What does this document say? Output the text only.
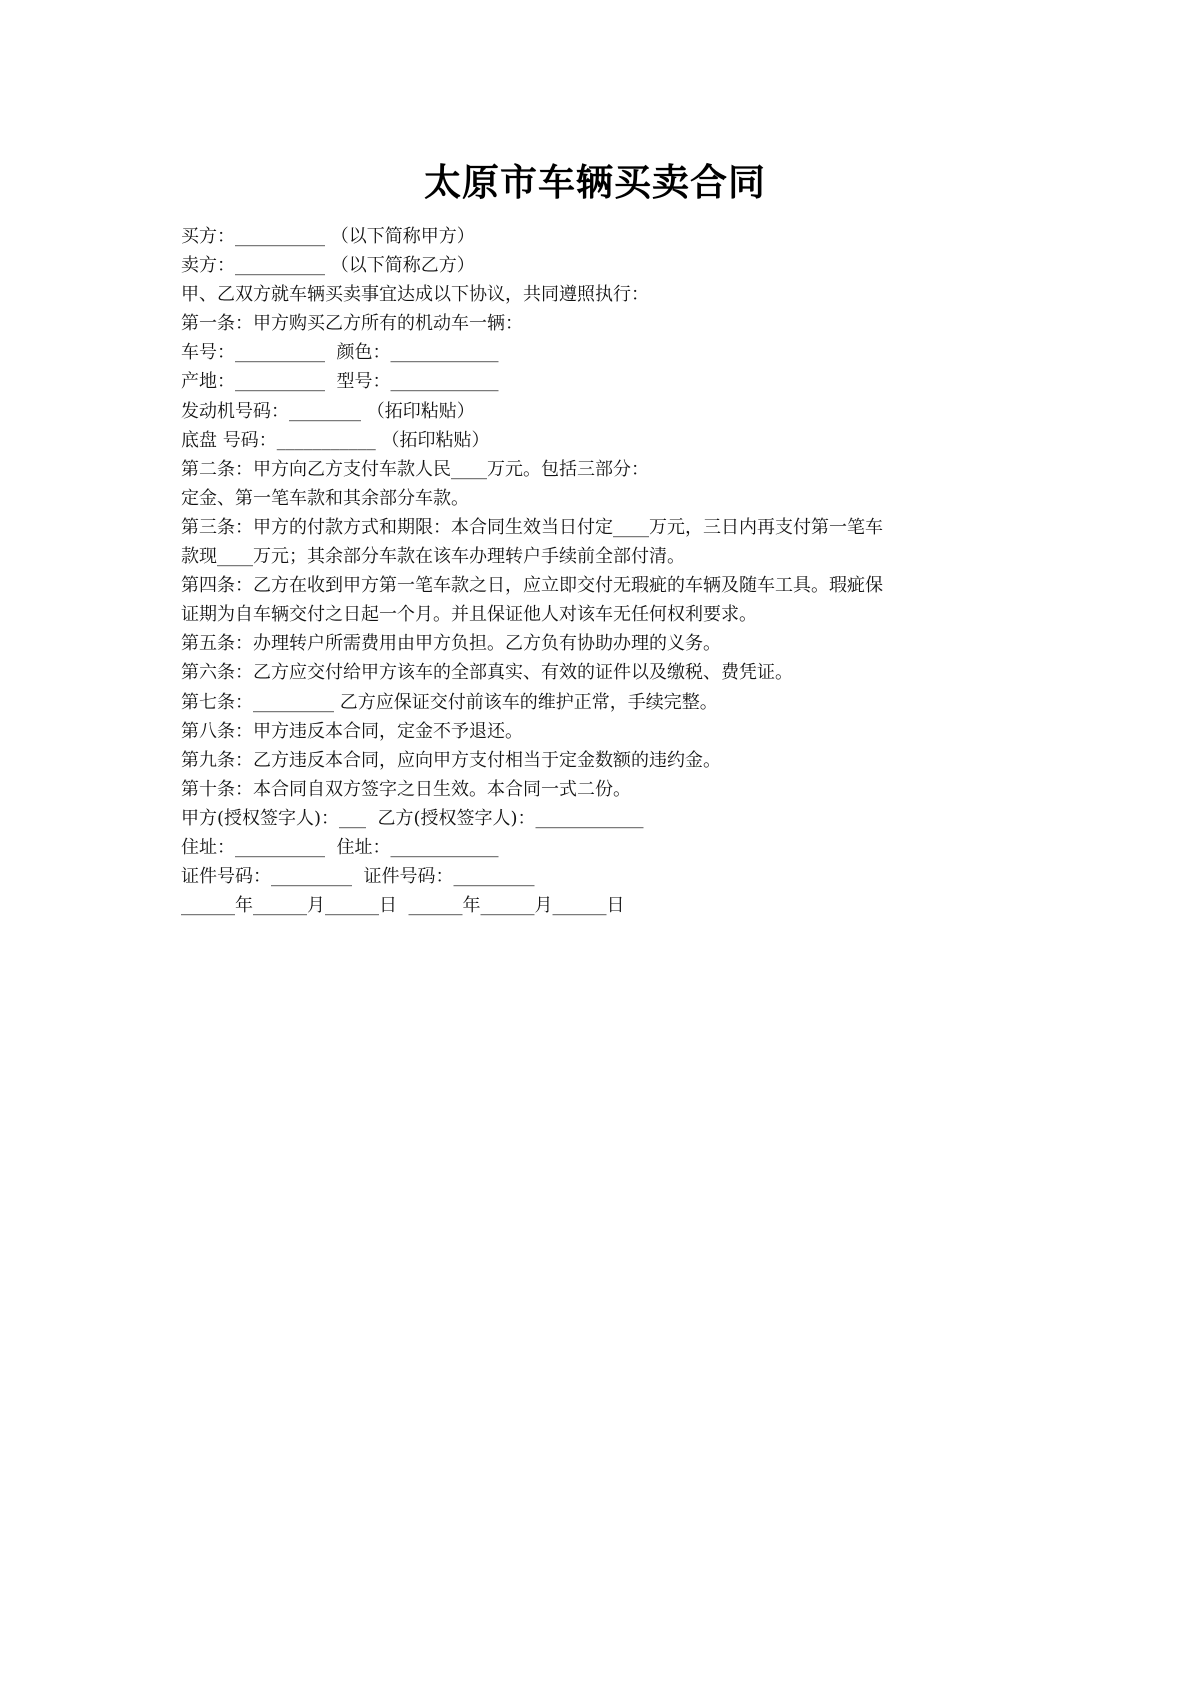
太原市车辆买卖合同
买方：__________ （以下简称甲方）
卖方：__________ （以下简称乙方）
甲、乙双方就车辆买卖事宜达成以下协议，共同遵照执行：
第一条：甲方购买乙方所有的机动车一辆：
车号：__________  颜色：____________
产地：__________  型号：____________
发动机号码：________ （拓印粘贴）
底盘 号码：___________ （拓印粘贴）
第二条：甲方向乙方支付车款人民____万元。包括三部分：
定金、第一笔车款和其余部分车款。
第三条：甲方的付款方式和期限：本合同生效当日付定____万元，三日内再支付第一笔车
款现____万元；其余部分车款在该车办理转户手续前全部付清。
第四条：乙方在收到甲方第一笔车款之日，应立即交付无瑕疵的车辆及随车工具。瑕疵保
证期为自车辆交付之日起一个月。并且保证他人对该车无任何权利要求。
第五条：办理转户所需费用由甲方负担。乙方负有协助办理的义务。
第六条：乙方应交付给甲方该车的全部真实、有效的证件以及缴税、费凭证。
第七条：_________ 乙方应保证交付前该车的维护正常，手续完整。
第八条：甲方违反本合同，定金不予退还。
第九条：乙方违反本合同，应向甲方支付相当于定金数额的违约金。
第十条：本合同自双方签字之日生效。本合同一式二份。
甲方(授权签字人)：___  乙方(授权签字人)：____________
住址：__________  住址：____________
证件号码：_________  证件号码：_________
______年______月______日  ______年______月______日
